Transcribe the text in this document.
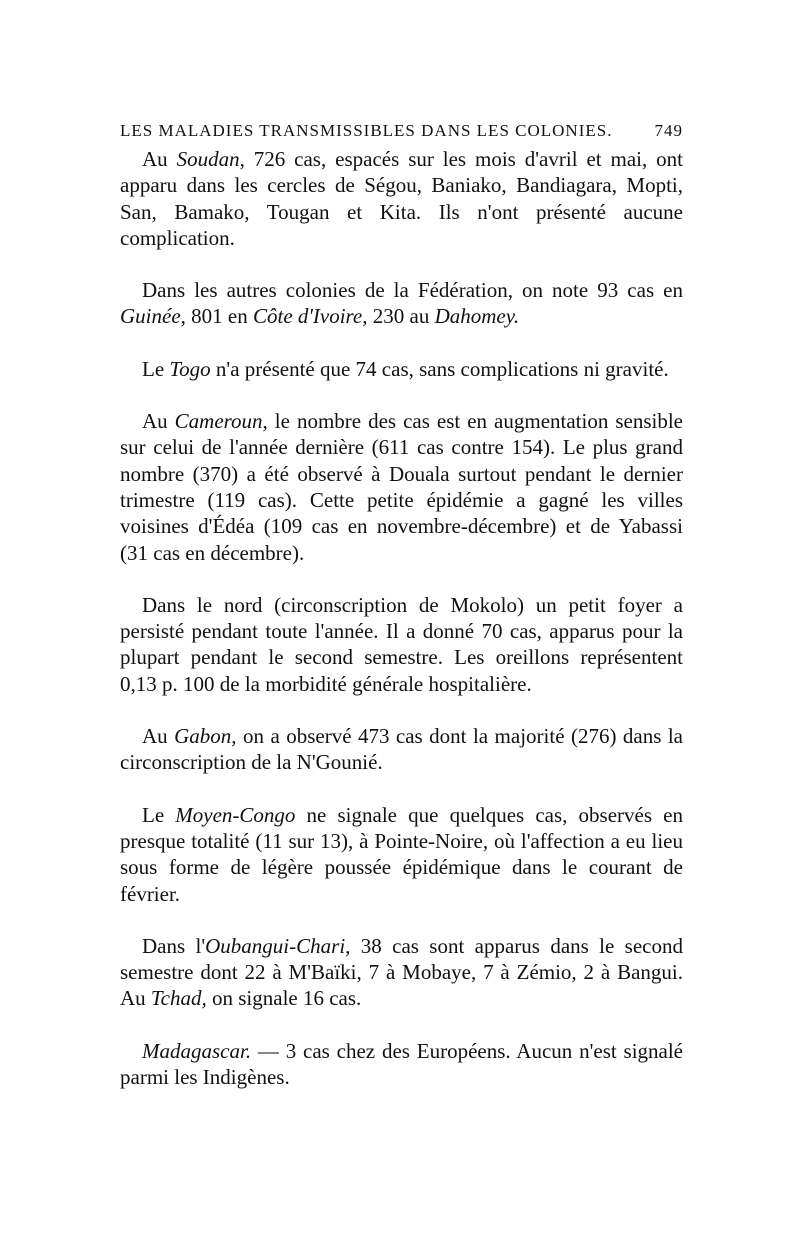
LES MALADIES TRANSMISSIBLES DANS LES COLONIES. 749

Au Soudan, 726 cas, espacés sur les mois d'avril et mai, ont apparu dans les cercles de Ségou, Baniako, Bandiagara, Mopti, San, Bamako, Tougan et Kita. Ils n'ont présenté aucune complication.

Dans les autres colonies de la Fédération, on note 93 cas en Guinée, 801 en Côte d'Ivoire, 230 au Dahomey.

Le Togo n'a présenté que 74 cas, sans complications ni gravité.

Au Cameroun, le nombre des cas est en augmentation sensible sur celui de l'année dernière (611 cas contre 154). Le plus grand nombre (370) a été observé à Douala surtout pendant le dernier trimestre (119 cas). Cette petite épidémie a gagné les villes voisines d'Édéa (109 cas en novembre-décembre) et de Yabassi (31 cas en décembre).

Dans le nord (circonscription de Mokolo) un petit foyer a persisté pendant toute l'année. Il a donné 70 cas, apparus pour la plupart pendant le second semestre. Les oreillons représentent 0,13 p. 100 de la morbidité générale hospitalière.

Au Gabon, on a observé 473 cas dont la majorité (276) dans la circonscription de la N'Gounié.

Le Moyen-Congo ne signale que quelques cas, observés en presque totalité (11 sur 13), à Pointe-Noire, où l'affection a eu lieu sous forme de légère poussée épidémique dans le courant de février.

Dans l'Oubangui-Chari, 38 cas sont apparus dans le second semestre dont 22 à M'Baïki, 7 à Mobaye, 7 à Zémio, 2 à Bangui. Au Tchad, on signale 16 cas.

Madagascar. — 3 cas chez des Européens. Aucun n'est signalé parmi les Indigènes.
